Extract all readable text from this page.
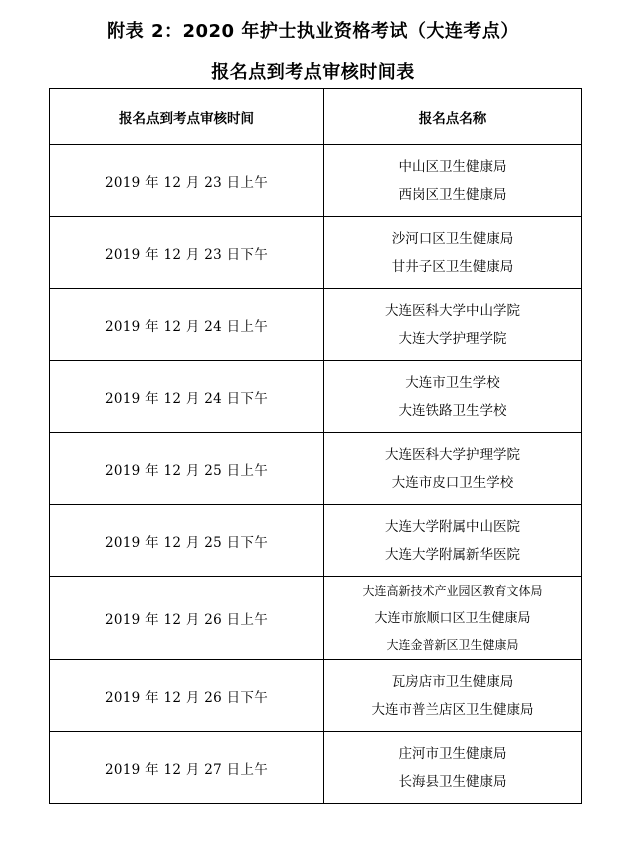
附表 2：2020 年护士执业资格考试（大连考点）
报名点到考点审核时间表
报名点到考点审核时间	报名点名称
2019 年 12 月 23 日上午	中山区卫生健康局
西岗区卫生健康局

2019 年 12 月 23 日下午	沙河口区卫生健康局
甘井子区卫生健康局

2019 年 12 月 24 日上午	大连医科大学中山学院
大连大学护理学院

2019 年 12 月 24 日下午	大连市卫生学校
大连铁路卫生学校

2019 年 12 月 25 日上午	大连医科大学护理学院
大连市皮口卫生学校

2019 年 12 月 25 日下午	大连大学附属中山医院
大连大学附属新华医院

2019 年 12 月 26 日上午	大连高新技术产业园区教育文体局
大连市旅顺口区卫生健康局
大连金普新区卫生健康局

2019 年 12 月 26 日下午	瓦房店市卫生健康局
大连市普兰店区卫生健康局

2019 年 12 月 27 日上午	庄河市卫生健康局
长海县卫生健康局
